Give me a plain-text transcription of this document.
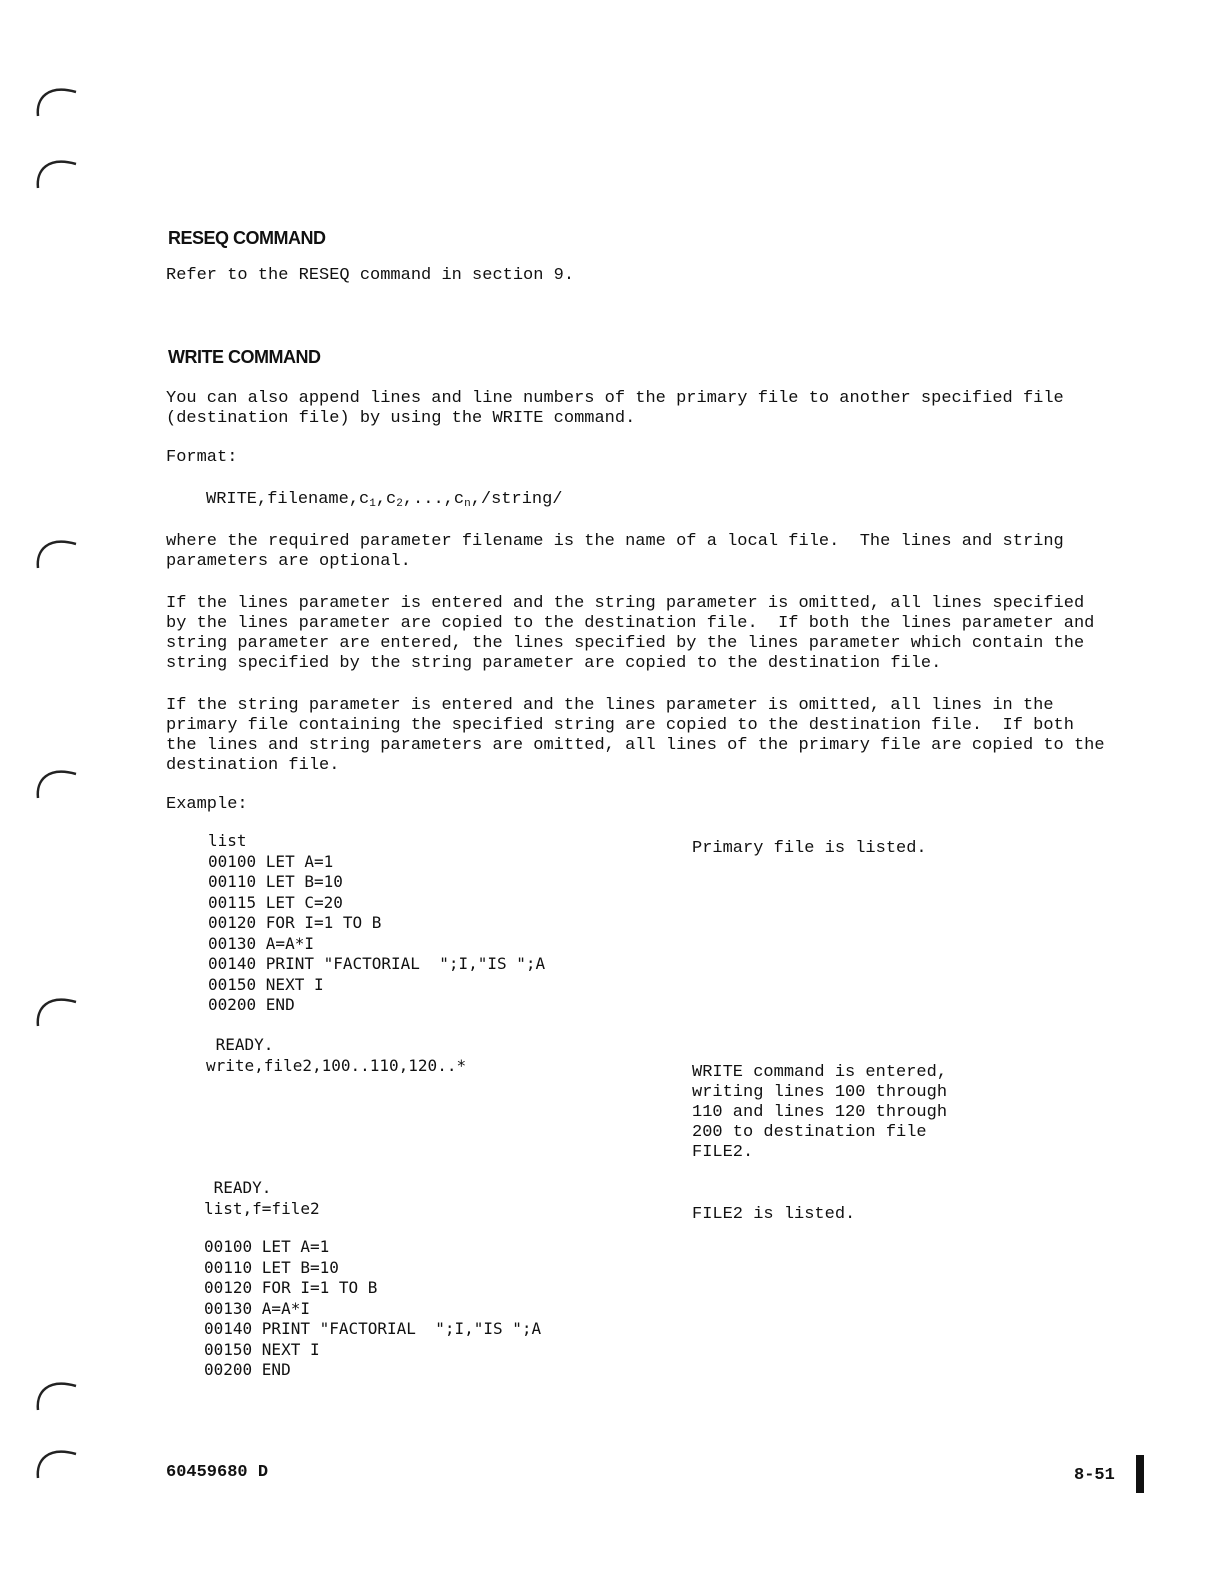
RESEQ COMMAND
Refer to the RESEQ command in section 9.
WRITE COMMAND
You can also append lines and line numbers of the primary file to another specified file
(destination file) by using the WRITE command.
Format:
$WRITE,filename,c_1,c_2,...,c_n,/string/$
where the required parameter filename is the name of a local file.  The lines and string
parameters are optional.
If the lines parameter is entered and the string parameter is omitted, all lines specified
by the lines parameter are copied to the destination file.  If both the lines parameter and
string parameter are entered, the lines specified by the lines parameter which contain the
string specified by the string parameter are copied to the destination file.
If the string parameter is entered and the lines parameter is omitted, all lines in the
primary file containing the specified string are copied to the destination file.  If both
the lines and string parameters are omitted, all lines of the primary file are copied to the
destination file.
Example:
list
00100 LET A=1
00110 LET B=10
00115 LET C=20
00120 FOR I=1 TO B
00130 A=A*I
00140 PRINT "FACTORIAL  ";I,"IS ";A
00150 NEXT I
00200 END
READY.
write,file2,100..110,120..*
READY.
list,f=file2
00100 LET A=1
00110 LET B=10
00120 FOR I=1 TO B
00130 A=A*I
00140 PRINT "FACTORIAL  ";I,"IS ";A
00150 NEXT I
00200 END
Primary file is listed.
WRITE command is entered,
writing lines 100 through
110 and lines 120 through
200 to destination file
FILE2.
FILE2 is listed.
60459680 D	8-51
